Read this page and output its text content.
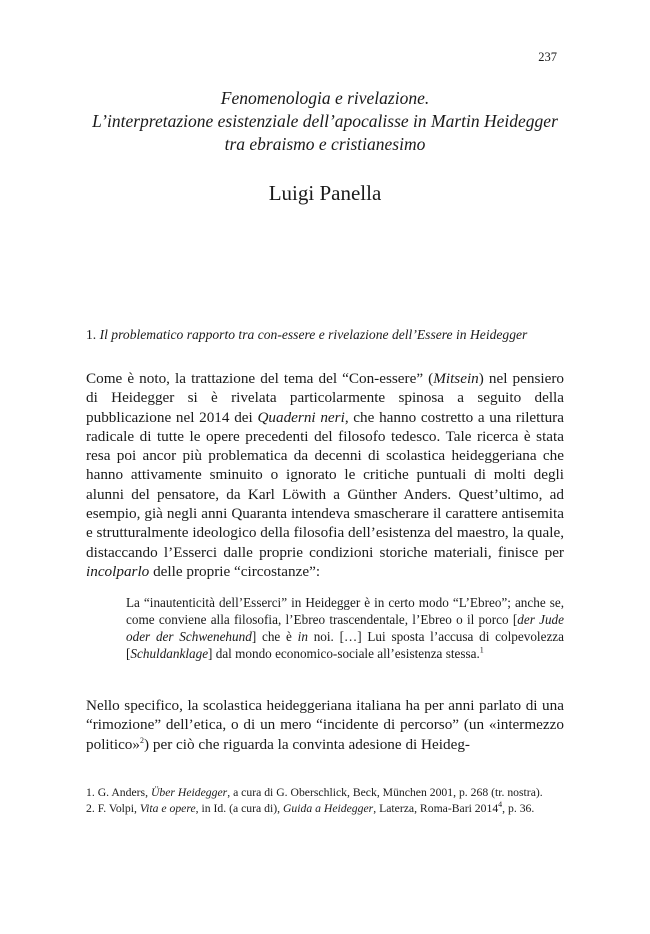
237

Fenomenologia e rivelazione.

L’interpretazione esistenziale dell’apocalisse in Martin Heidegger

tra ebraismo e cristianesimo

Luigi Panella
1. Il problematico rapporto tra con-essere e rivelazione dell’Essere in Heidegger

Come è noto, la trattazione del tema del “Con-essere” (Mitsein) nel pensiero di Heidegger si è rivelata particolarmente spinosa a seguito della pubblicazione nel 2014 dei Quaderni neri, che hanno costretto a una rilettura radicale di tutte le opere precedenti del filosofo tedesco. Tale ricerca è stata resa poi ancor più problematica da decenni di scolastica heideggeriana che hanno attivamente sminuito o ignorato le critiche puntuali di molti degli alunni del pensatore, da Karl Löwith a Günther Anders. Quest’ultimo, ad esempio, già negli anni Quaranta intendeva smascherare il carattere antisemita e strutturalmente ideologico della filosofia dell’esistenza del maestro, la quale, distaccando l’Esserci dalle proprie condizioni storiche materiali, finisce per incolparlo delle proprie “circostanze”:

La “inautenticità dell’Esserci” in Heidegger è in certo modo “L’Ebreo”; anche se, come conviene alla filosofia, l’Ebreo trascendentale, l’Ebreo o il porco [der Jude oder der Schwenehund] che è in noi. […] Lui sposta l’accusa di colpevolezza [Schuldanklage] dal mondo economico-sociale all’esistenza stessa.$^1$

Nello specifico, la scolastica heideggeriana italiana ha per anni parlato di una “rimozione” dell’etica, o di un mero “incidente di percorso” (un «intermezzo politico»$^2$) per ciò che riguarda la convinta adesione di Heideg-

1. G. Anders, Über Heidegger, a cura di G. Oberschlick, Beck, München 2001, p. 268 (tr. nostra).

2. F. Volpi, Vita e opere, in Id. (a cura di), Guida a Heidegger, Laterza, Roma-Bari 2014$^4$, p. 36.
